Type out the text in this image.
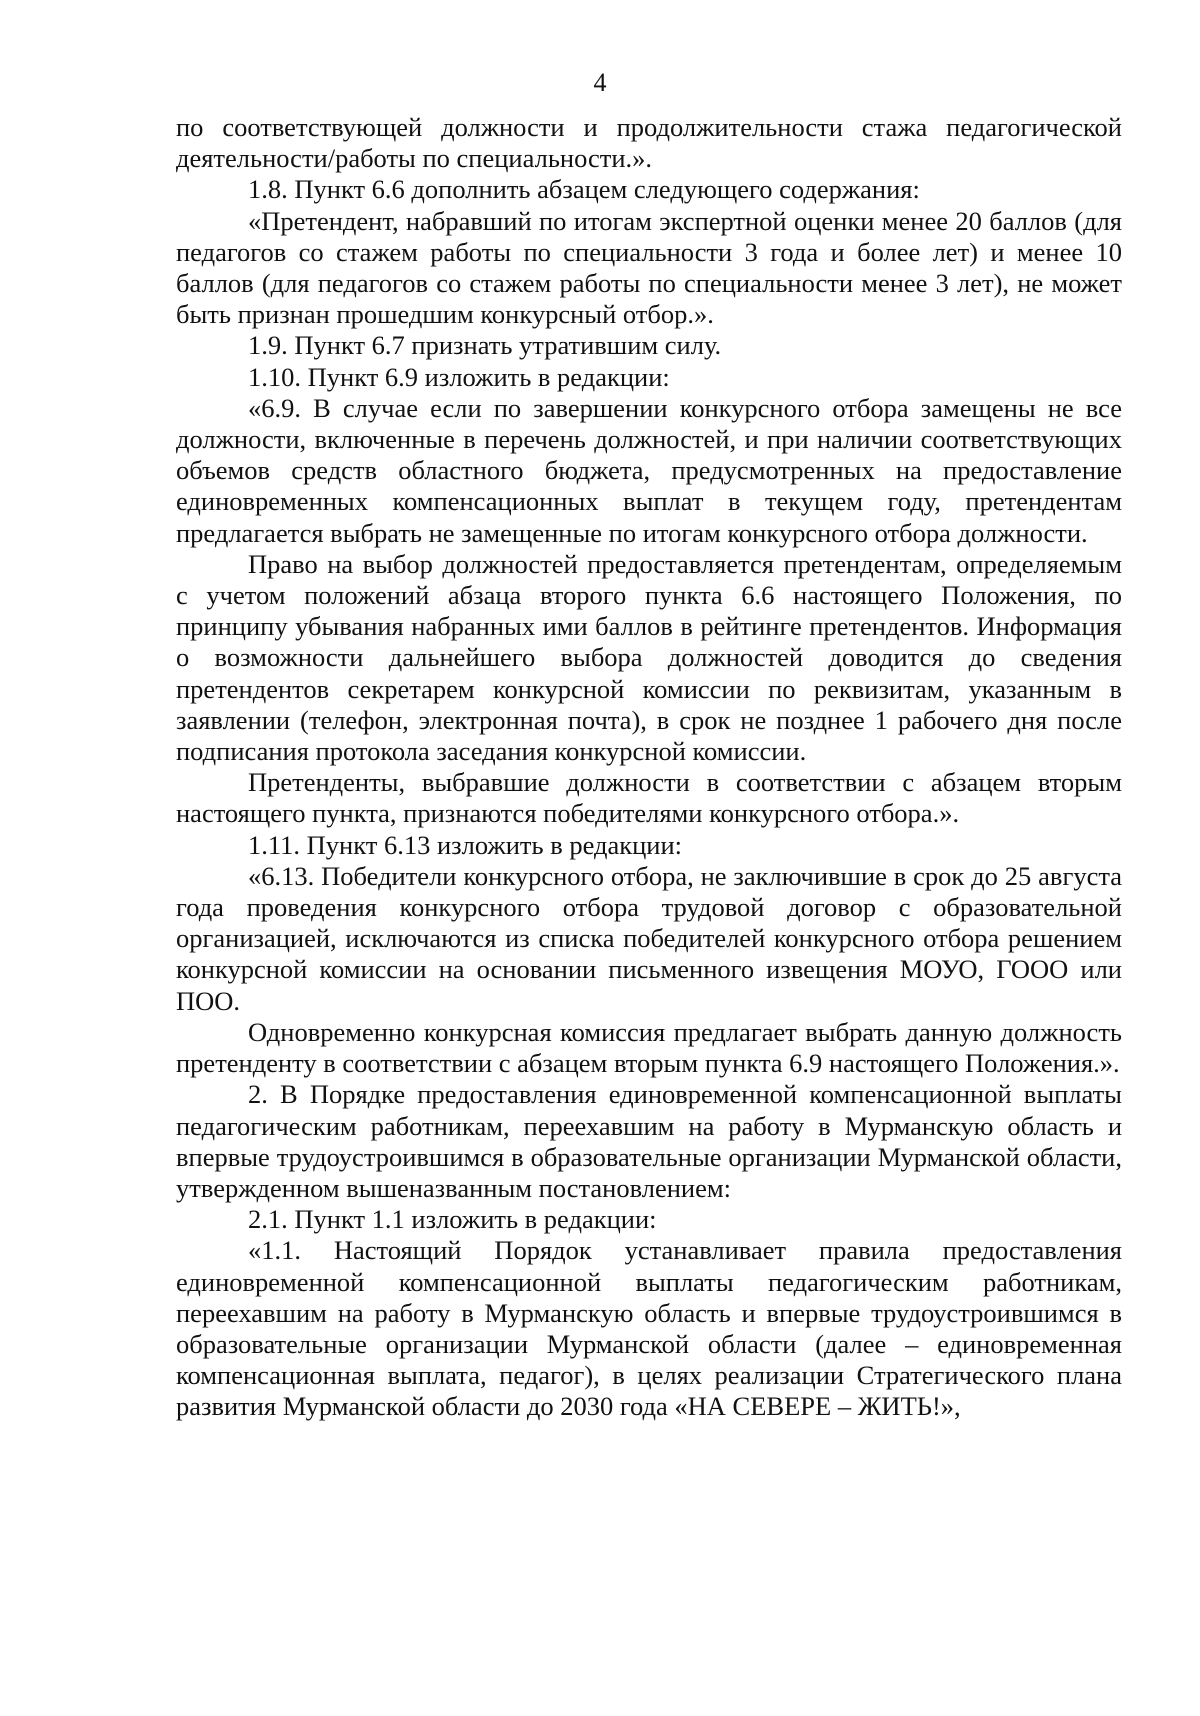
4

по соответствующей должности и продолжительности стажа педагогической деятельности/работы по специальности.».

1.8. Пункт 6.6 дополнить абзацем следующего содержания:

«Претендент, набравший по итогам экспертной оценки менее 20 баллов (для педагогов со стажем работы по специальности 3 года и более лет) и менее 10 баллов (для педагогов со стажем работы по специальности менее 3 лет), не может быть признан прошедшим конкурсный отбор.».

1.9. Пункт 6.7 признать утратившим силу.

1.10. Пункт 6.9 изложить в редакции:

«6.9. В случае если по завершении конкурсного отбора замещены не все должности, включенные в перечень должностей, и при наличии соответствующих объемов средств областного бюджета, предусмотренных на предоставление единовременных компенсационных выплат в текущем году, претендентам предлагается выбрать не замещенные по итогам конкурсного отбора должности.

Право на выбор должностей предоставляется претендентам, определяемым с учетом положений абзаца второго пункта 6.6 настоящего Положения, по принципу убывания набранных ими баллов в рейтинге претендентов. Информация о возможности дальнейшего выбора должностей доводится до сведения претендентов секретарем конкурсной комиссии по реквизитам, указанным в заявлении (телефон, электронная почта), в срок не позднее 1 рабочего дня после подписания протокола заседания конкурсной комиссии.

Претенденты, выбравшие должности в соответствии с абзацем вторым настоящего пункта, признаются победителями конкурсного отбора.».

1.11. Пункт 6.13 изложить в редакции:

«6.13. Победители конкурсного отбора, не заключившие в срок до 25 августа года проведения конкурсного отбора трудовой договор с образовательной организацией, исключаются из списка победителей конкурсного отбора решением конкурсной комиссии на основании письменного извещения МОУО, ГООО или ПОО.

Одновременно конкурсная комиссия предлагает выбрать данную должность претенденту в соответствии с абзацем вторым пункта 6.9 настоящего Положения.».

2. В Порядке предоставления единовременной компенсационной выплаты педагогическим работникам, переехавшим на работу в Мурманскую область и впервые трудоустроившимся в образовательные организации Мурманской области, утвержденном вышеназванным постановлением:

2.1. Пункт 1.1 изложить в редакции:

«1.1. Настоящий Порядок устанавливает правила предоставления единовременной компенсационной выплаты педагогическим работникам, переехавшим на работу в Мурманскую область и впервые трудоустроившимся в образовательные организации Мурманской области (далее – единовременная компенсационная выплата, педагог), в целях реализации Стратегического плана развития Мурманской области до 2030 года «НА СЕВЕРЕ – ЖИТЬ!»,
